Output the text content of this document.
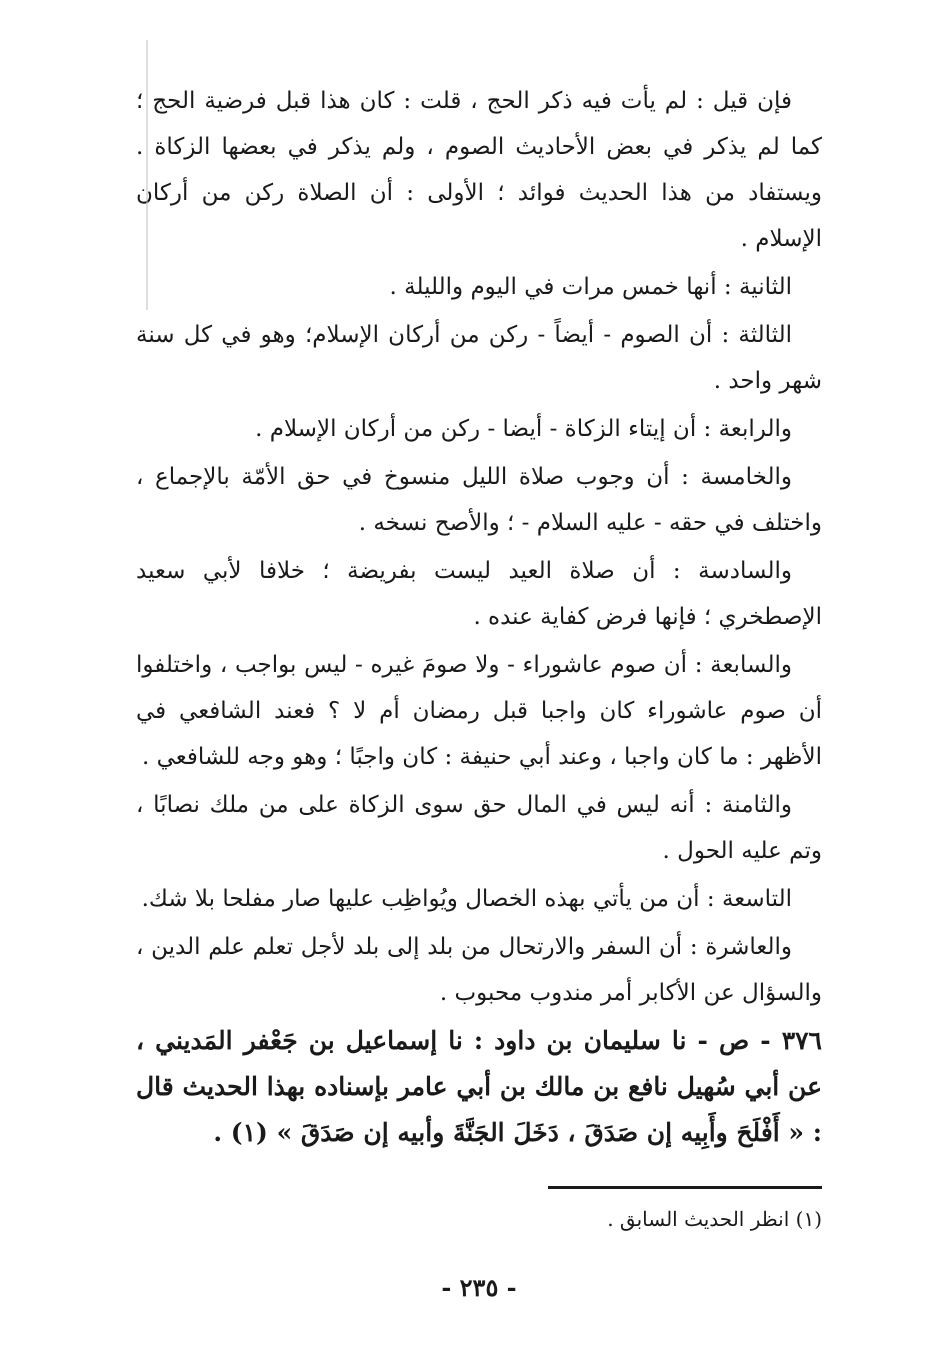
فإن قيل : لم يأت فيه ذكر الحج ، قلت : كان هذا قبل فرضية الحج ؛ كما لم يذكر في بعض الأحاديث الصوم ، ولم يذكر في بعضها الزكاة . ويستفاد من هذا الحديث فوائد ؛ الأولى : أن الصلاة ركن من أركان الإسلام .

الثانية : أنها خمس مرات في اليوم والليلة .

الثالثة : أن الصوم - أيضاً - ركن من أركان الإسلام؛ وهو في كل سنة شهر واحد .

والرابعة : أن إيتاء الزكاة - أيضا - ركن من أركان الإسلام .

والخامسة : أن وجوب صلاة الليل منسوخ في حق الأمّة بالإجماع ، واختلف في حقه - عليه السلام - ؛ والأصح نسخه .

والسادسة : أن صلاة العيد ليست بفريضة ؛ خلافا لأبي سعيد الإصطخري ؛ فإنها فرض كفاية عنده .

والسابعة : أن صوم عاشوراء - ولا صومَ غيره - ليس بواجب ، واختلفوا أن صوم عاشوراء كان واجبا قبل رمضان أم لا ؟ فعند الشافعي في الأظهر : ما كان واجبا ، وعند أبي حنيفة : كان واجبًا ؛ وهو وجه للشافعي .

والثامنة : أنه ليس في المال حق سوى الزكاة على من ملك نصابًا ، وتم عليه الحول .

التاسعة : أن من يأتي بهذه الخصال ويُواظِب عليها صار مفلحا بلا شك.

والعاشرة : أن السفر والارتحال من بلد إلى بلد لأجل تعلم علم الدين ، والسؤال عن الأكابر أمر مندوب محبوب .

٣٧٦ - ص - نا سليمان بن داود : نا إسماعيل بن جَعْفر المَديني ، عن أبي سُهيل نافع بن مالك بن أبي عامر بإسناده بهذا الحديث قال : « أَفْلَحَ وأَبِيه إن صَدَقَ ، دَخَلَ الجَنَّةَ وأبيه إن صَدَقَ » (١) .

(١) انظر الحديث السابق .
- ٢٣٥ -
